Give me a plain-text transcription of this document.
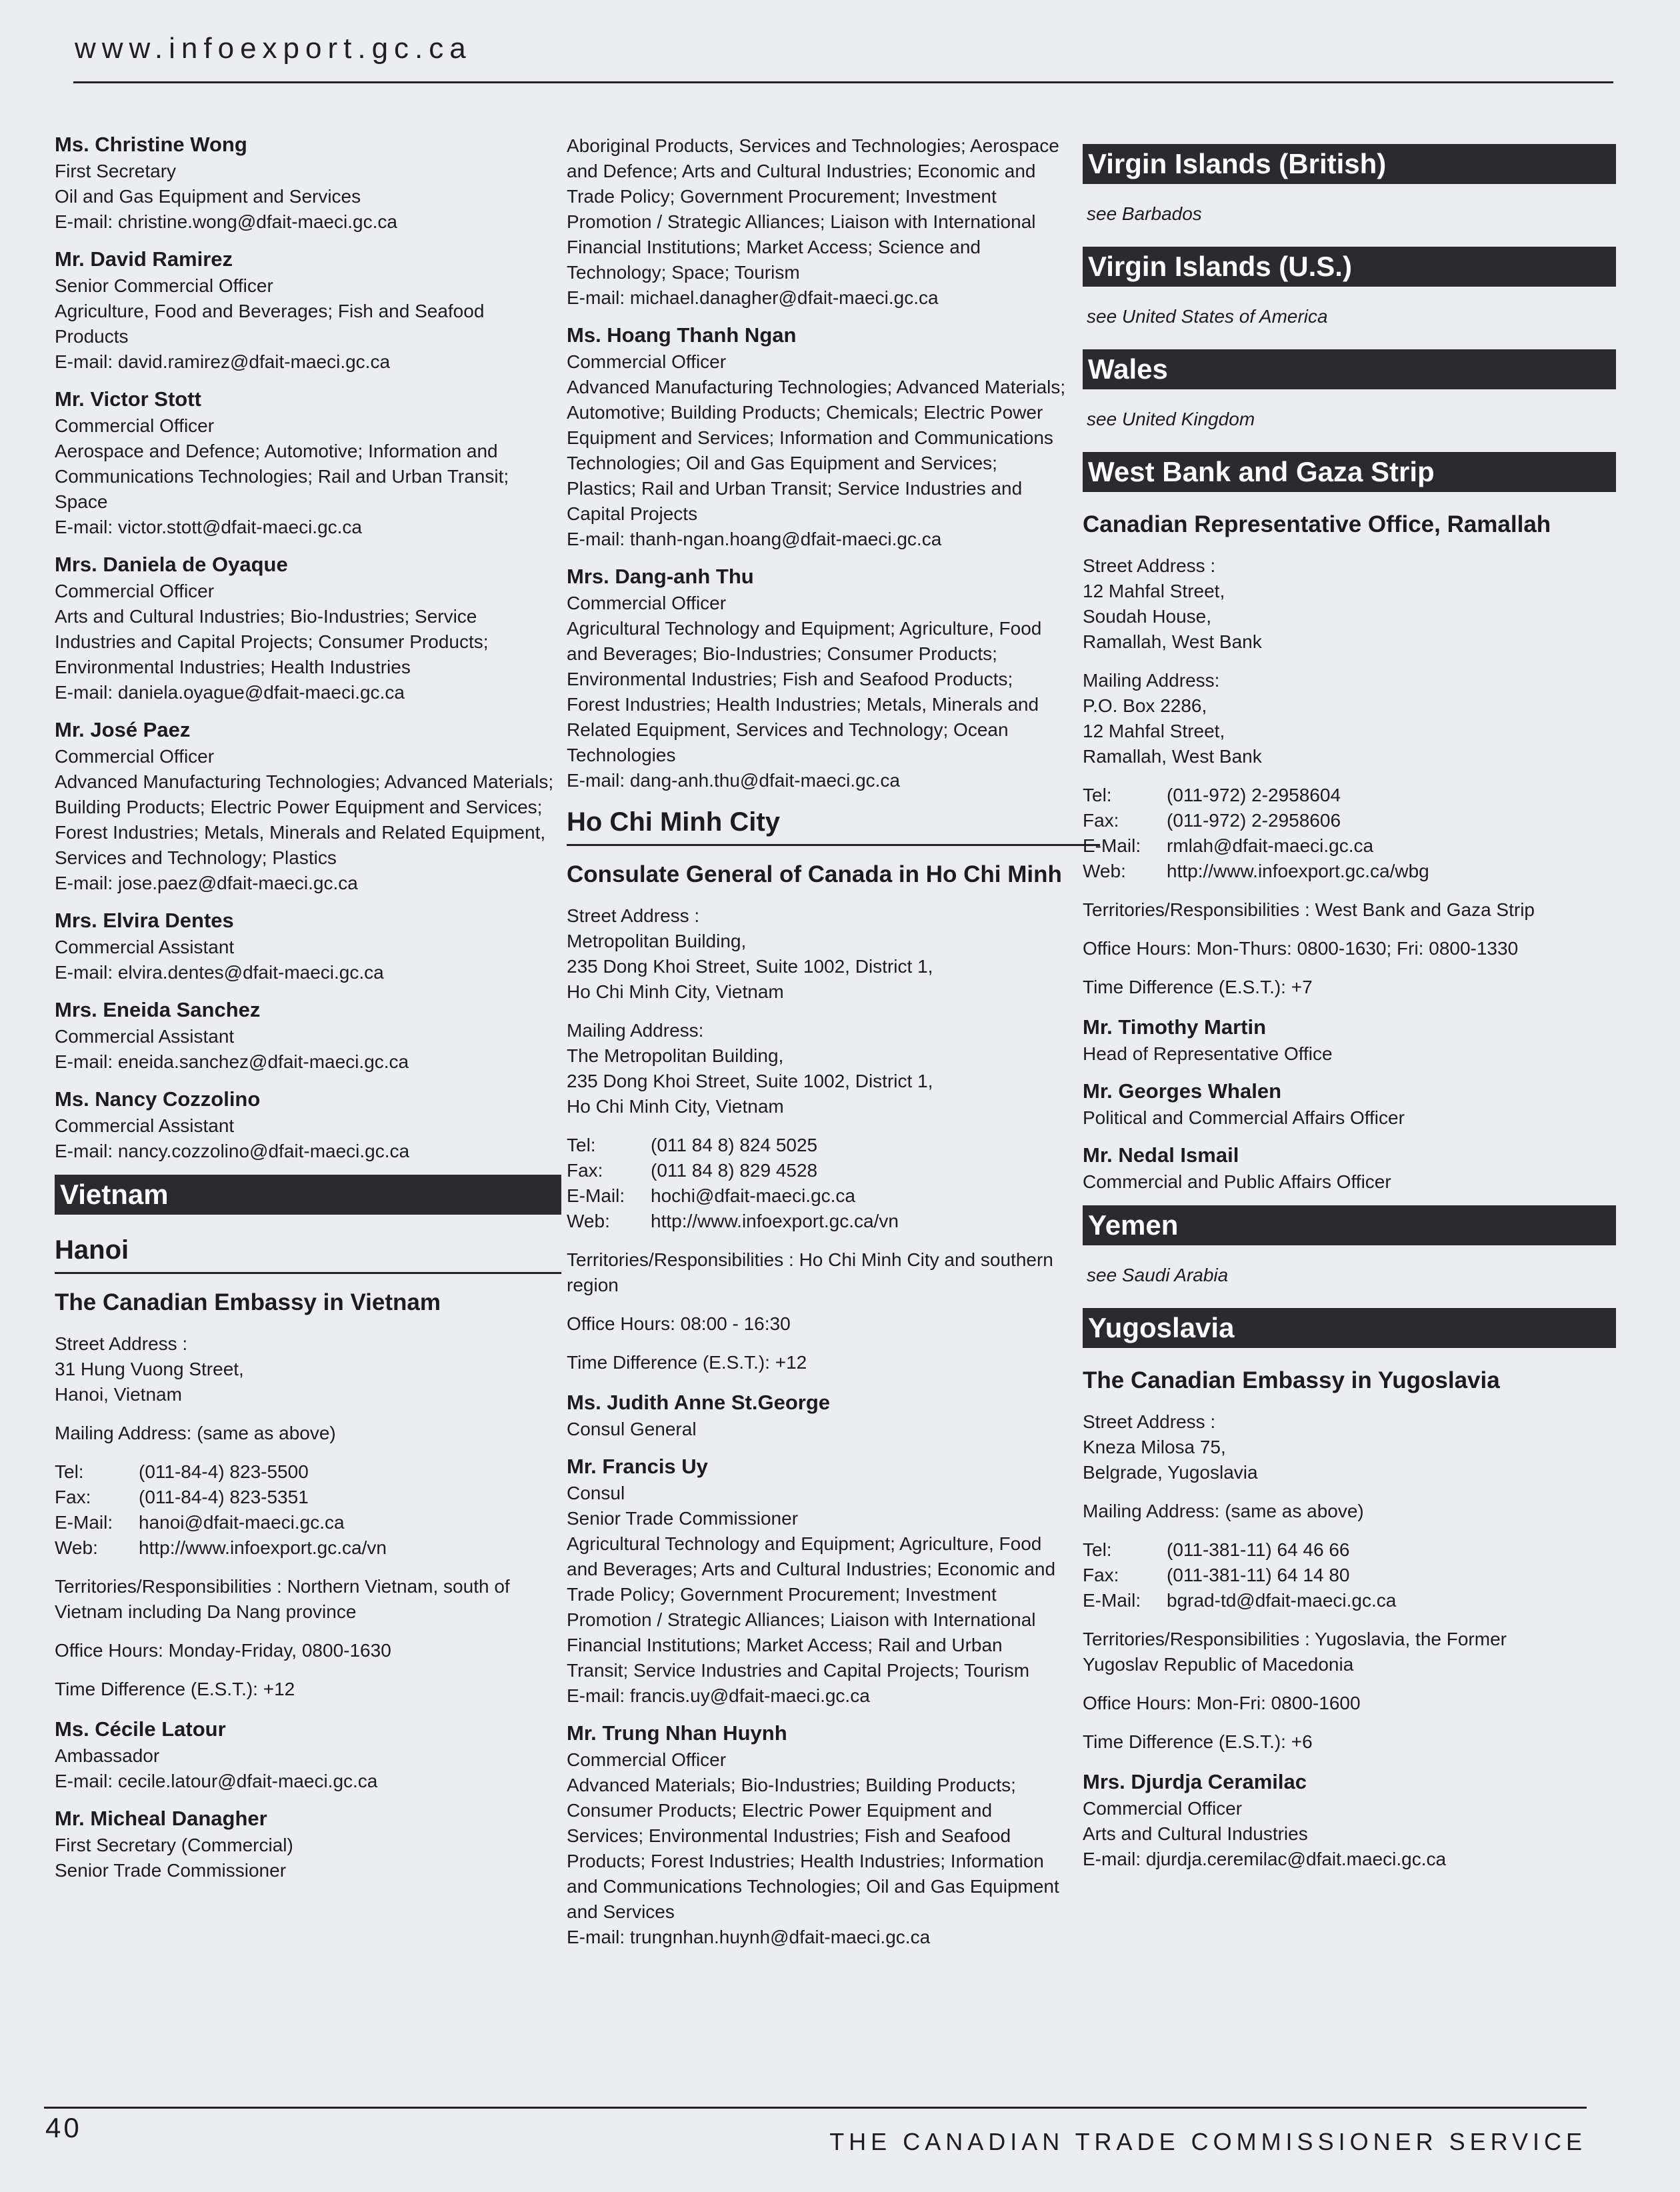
www.infoexport.gc.ca
Ms. Christine Wong
First Secretary
Oil and Gas Equipment and Services
E-mail: christine.wong@dfait-maeci.gc.ca
Mr. David Ramirez
Senior Commercial Officer
Agriculture, Food and Beverages; Fish and Seafood
Products
E-mail: david.ramirez@dfait-maeci.gc.ca
Mr. Victor Stott
Commercial Officer
Aerospace and Defence; Automotive; Information and
Communications Technologies; Rail and Urban Transit;
Space
E-mail: victor.stott@dfait-maeci.gc.ca
Mrs. Daniela de Oyaque
Commercial Officer
Arts and Cultural Industries; Bio-Industries; Service
Industries and Capital Projects; Consumer Products;
Environmental Industries; Health Industries
E-mail: daniela.oyague@dfait-maeci.gc.ca
Mr. José Paez
Commercial Officer
Advanced Manufacturing Technologies; Advanced Materials;
Building Products; Electric Power Equipment and Services;
Forest Industries; Metals, Minerals and Related Equipment,
Services and Technology; Plastics
E-mail: jose.paez@dfait-maeci.gc.ca
Mrs. Elvira Dentes
Commercial Assistant
E-mail: elvira.dentes@dfait-maeci.gc.ca
Mrs. Eneida Sanchez
Commercial Assistant
E-mail: eneida.sanchez@dfait-maeci.gc.ca
Ms. Nancy Cozzolino
Commercial Assistant
E-mail: nancy.cozzolino@dfait-maeci.gc.ca
Vietnam
Hanoi
The Canadian Embassy in Vietnam
Street Address :
31 Hung Vuong Street,
Hanoi, Vietnam
Mailing Address: (same as above)
Tel:	(011-84-4) 823-5500
Fax:	(011-84-4) 823-5351
E-Mail:	hanoi@dfait-maeci.gc.ca
Web:	http://www.infoexport.gc.ca/vn
Territories/Responsibilities : Northern Vietnam, south of
Vietnam including Da Nang province
Office Hours: Monday-Friday, 0800-1630
Time Difference (E.S.T.): +12
Ms. Cécile Latour
Ambassador
E-mail: cecile.latour@dfait-maeci.gc.ca
Mr. Micheal Danagher
First Secretary (Commercial)
Senior Trade Commissioner
Aboriginal Products, Services and Technologies; Aerospace
and Defence; Arts and Cultural Industries; Economic and
Trade Policy; Government Procurement; Investment
Promotion / Strategic Alliances; Liaison with International
Financial Institutions; Market Access; Science and
Technology; Space; Tourism
E-mail: michael.danagher@dfait-maeci.gc.ca
Ms. Hoang Thanh Ngan
Commercial Officer
Advanced Manufacturing Technologies; Advanced Materials;
Automotive; Building Products; Chemicals; Electric Power
Equipment and Services; Information and Communications
Technologies; Oil and Gas Equipment and Services;
Plastics; Rail and Urban Transit; Service Industries and
Capital Projects
E-mail: thanh-ngan.hoang@dfait-maeci.gc.ca
Mrs. Dang-anh Thu
Commercial Officer
Agricultural Technology and Equipment; Agriculture, Food
and Beverages; Bio-Industries; Consumer Products;
Environmental Industries; Fish and Seafood Products;
Forest Industries; Health Industries; Metals, Minerals and
Related Equipment, Services and Technology; Ocean
Technologies
E-mail: dang-anh.thu@dfait-maeci.gc.ca
Ho Chi Minh City
Consulate General of Canada in Ho Chi Minh
Street Address :
Metropolitan Building,
235 Dong Khoi Street, Suite 1002, District 1,
Ho Chi Minh City, Vietnam
Mailing Address:
The Metropolitan Building,
235 Dong Khoi Street, Suite 1002, District 1,
Ho Chi Minh City, Vietnam
Tel:	(011 84 8) 824 5025
Fax:	(011 84 8) 829 4528
E-Mail:	hochi@dfait-maeci.gc.ca
Web:	http://www.infoexport.gc.ca/vn
Territories/Responsibilities : Ho Chi Minh City and southern
region
Office Hours: 08:00 - 16:30
Time Difference (E.S.T.): +12
Ms. Judith Anne St.George
Consul General
Mr. Francis Uy
Consul
Senior Trade Commissioner
Agricultural Technology and Equipment; Agriculture, Food
and Beverages; Arts and Cultural Industries; Economic and
Trade Policy; Government Procurement; Investment
Promotion / Strategic Alliances; Liaison with International
Financial Institutions; Market Access; Rail and Urban
Transit; Service Industries and Capital Projects; Tourism
E-mail: francis.uy@dfait-maeci.gc.ca
Mr. Trung Nhan Huynh
Commercial Officer
Advanced Materials; Bio-Industries; Building Products;
Consumer Products; Electric Power Equipment and
Services; Environmental Industries; Fish and Seafood
Products; Forest Industries; Health Industries; Information
and Communications Technologies; Oil and Gas Equipment
and Services
E-mail: trungnhan.huynh@dfait-maeci.gc.ca
Virgin Islands (British)
see Barbados
Virgin Islands (U.S.)
see United States of America
Wales
see United Kingdom
West Bank and Gaza Strip
Canadian Representative Office, Ramallah
Street Address :
12 Mahfal Street,
Soudah House,
Ramallah, West Bank
Mailing Address:
P.O. Box 2286,
12 Mahfal Street,
Ramallah, West Bank
Tel:	(011-972) 2-2958604
Fax:	(011-972) 2-2958606
E-Mail:	rmlah@dfait-maeci.gc.ca
Web:	http://www.infoexport.gc.ca/wbg
Territories/Responsibilities : West Bank and Gaza Strip
Office Hours: Mon-Thurs: 0800-1630; Fri: 0800-1330
Time Difference (E.S.T.): +7
Mr. Timothy Martin
Head of Representative Office
Mr. Georges Whalen
Political and Commercial Affairs Officer
Mr. Nedal Ismail
Commercial and Public Affairs Officer
Yemen
see Saudi Arabia
Yugoslavia
The Canadian Embassy in Yugoslavia
Street Address :
Kneza Milosa 75,
Belgrade, Yugoslavia
Mailing Address: (same as above)
Tel:	(011-381-11) 64 46 66
Fax:	(011-381-11) 64 14 80
E-Mail:	bgrad-td@dfait-maeci.gc.ca
Territories/Responsibilities : Yugoslavia, the Former
Yugoslav Republic of Macedonia
Office Hours: Mon-Fri: 0800-1600
Time Difference (E.S.T.): +6
Mrs. Djurdja Ceramilac
Commercial Officer
Arts and Cultural Industries
E-mail: djurdja.ceremilac@dfait.maeci.gc.ca
40	THE CANADIAN TRADE COMMISSIONER SERVICE
